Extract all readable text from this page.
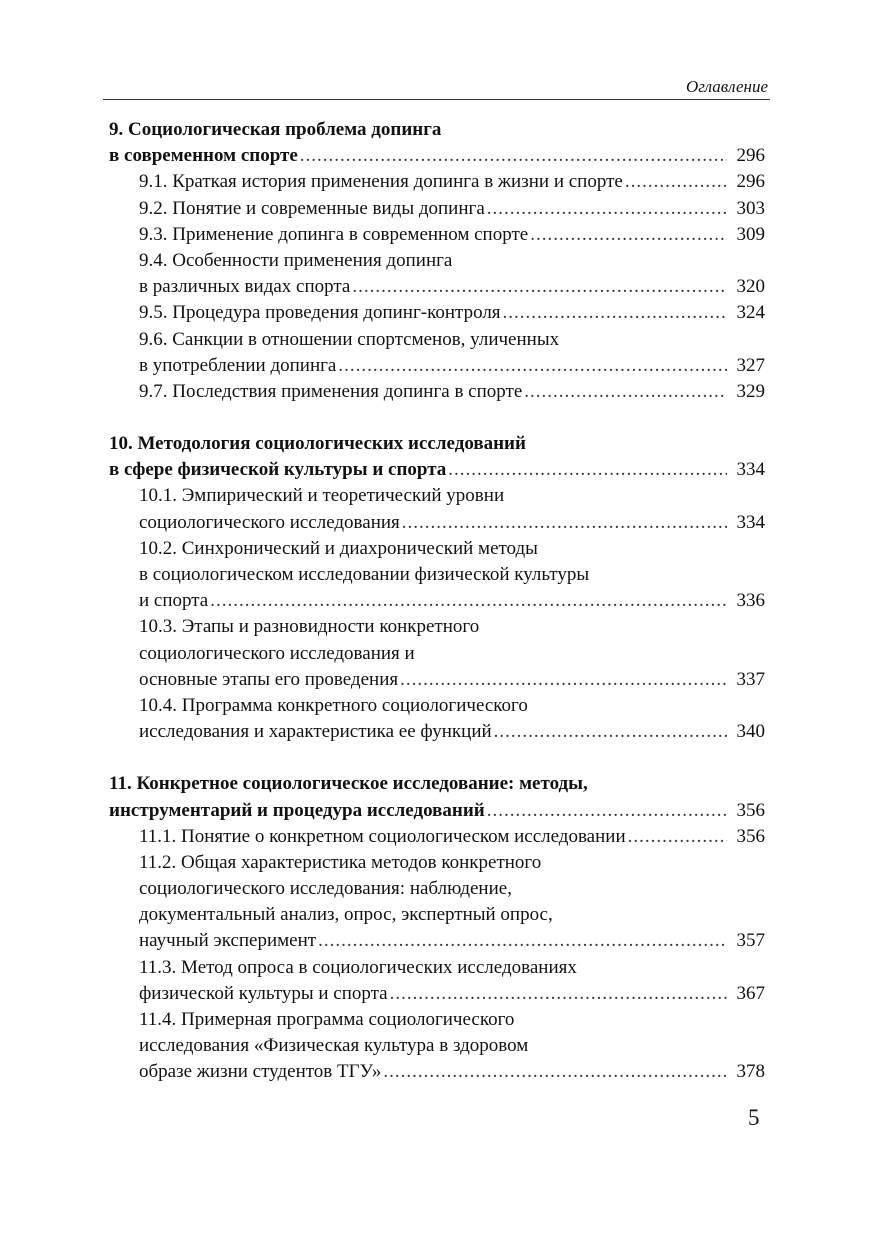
Оглавление
9. Социологическая проблема допинга
в современном спорте .....	296
9.1. Краткая история применения допинга в жизни и спорте .....	296
9.2. Понятие и современные виды допинга .....	303
9.3. Применение допинга в современном спорте .....	309
9.4. Особенности применения допинга
в различных видах спорта .....	320
9.5. Процедура проведения допинг-контроля .....	324
9.6. Санкции в отношении спортсменов, уличенных
в употреблении допинга .....	327
9.7. Последствия применения допинга в спорте .....	329
10. Методология социологических исследований
в сфере физической культуры и спорта .....	334
10.1. Эмпирический и теоретический уровни
социологического исследования .....	334
10.2. Синхронический и диахронический методы
в социологическом исследовании физической культуры
и спорта .....	336
10.3. Этапы и разновидности конкретного
социологического исследования и
основные этапы его проведения .....	337
10.4. Программа конкретного социологического
исследования и характеристика ее функций .....	340
11. Конкретное социологическое исследование: методы,
инструментарий и процедура исследований .....	356
11.1. Понятие о конкретном социологическом исследовании .....	356
11.2. Общая характеристика методов конкретного
социологического исследования: наблюдение,
документальный анализ, опрос, экспертный опрос,
научный эксперимент .....	357
11.3. Метод опроса в социологических исследованиях
физической культуры и спорта .....	367
11.4. Примерная программа социологического
исследования «Физическая культура в здоровом
образе жизни студентов ТГУ» .....	378
5
